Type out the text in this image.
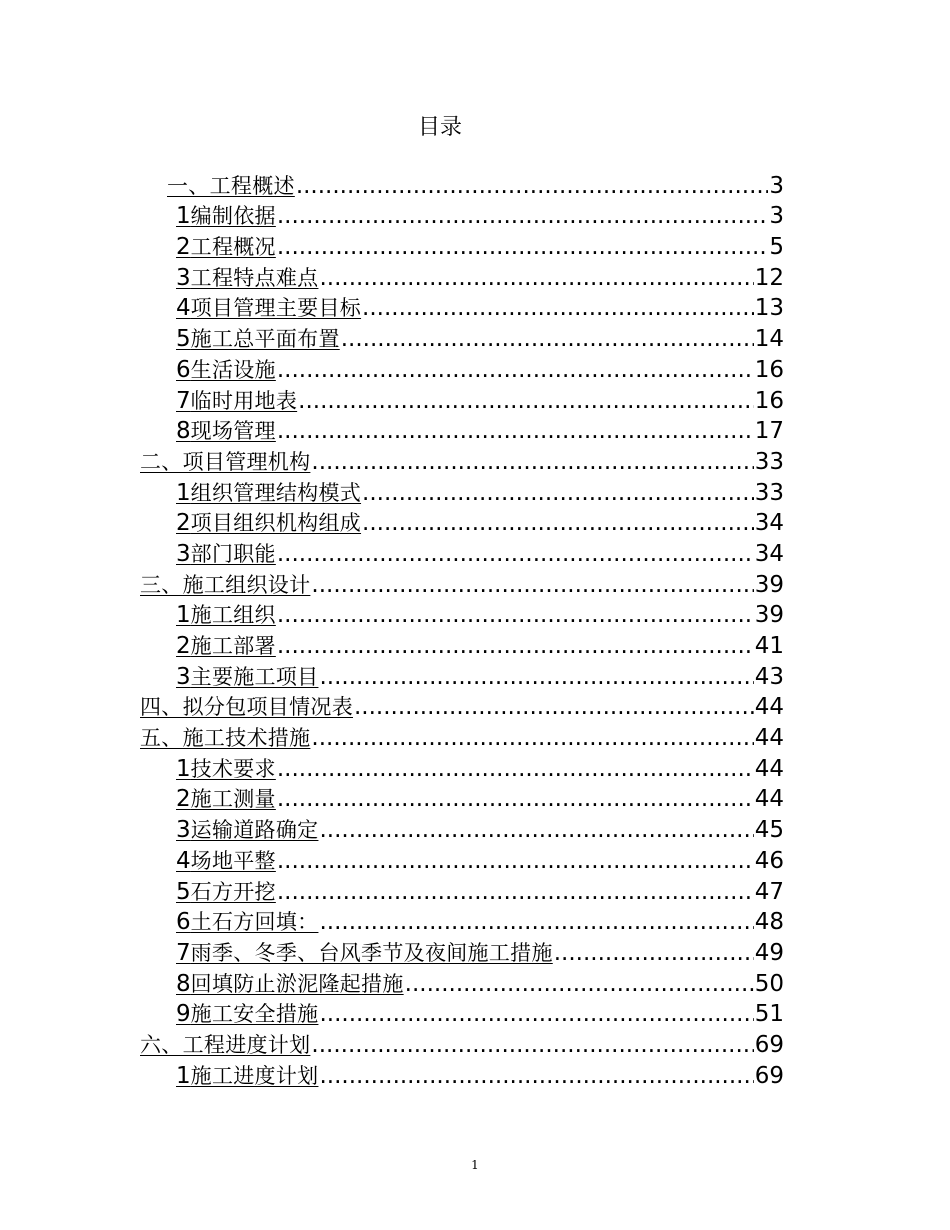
目录
一、工程概述 .....	3
1编制依据 .....	3
2工程概况 .....	5
3工程特点难点 .....	12
4项目管理主要目标 .....	13
5施工总平面布置 .....	14
6生活设施 .....	16
7临时用地表 .....	16
8现场管理 .....	17
二、项目管理机构 .....	33
1组织管理结构模式 .....	33
2项目组织机构组成 .....	34
3部门职能 .....	34
三、施工组织设计 .....	39
1施工组织 .....	39
2施工部署 .....	41
3主要施工项目 .....	43
四、拟分包项目情况表 .....	44
五、施工技术措施 .....	44
1技术要求 .....	44
2施工测量 .....	44
3运输道路确定 .....	45
4场地平整 .....	46
5石方开挖 .....	47
6土石方回填： .....	48
7雨季、冬季、台风季节及夜间施工措施 .....	49
8回填防止淤泥隆起措施 .....	50
9施工安全措施 .....	51
六、工程进度计划 .....	69
1施工进度计划 .....	69
1
